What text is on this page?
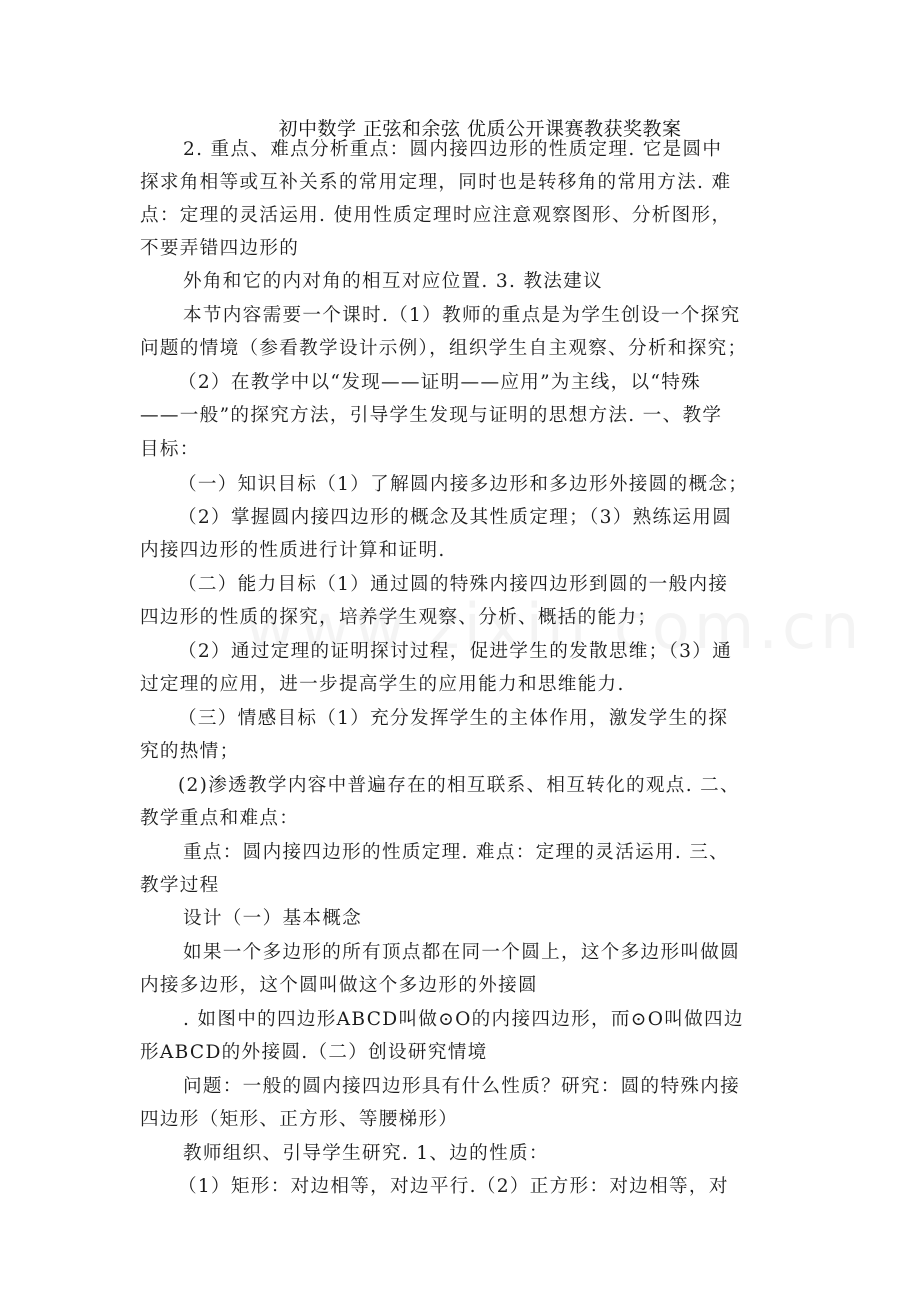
初中数学 正弦和余弦 优质公开课赛教获奖教案
2. 重点、难点分析重点：圆内接四边形的性质定理. 它是圆中
探求角相等或互补关系的常用定理，同时也是转移角的常用方法. 难
点：定理的灵活运用. 使用性质定理时应注意观察图形、分析图形，
不要弄错四边形的
外角和它的内对角的相互对应位置. 3. 教法建议
本节内容需要一个课时.（1）教师的重点是为学生创设一个探究
问题的情境（参看教学设计示例），组织学生自主观察、分析和探究；
（2）在教学中以“发现——证明——应用”为主线，以“特殊
——一般”的探究方法，引导学生发现与证明的思想方法. 一、教学
目标：
（一）知识目标（1）了解圆内接多边形和多边形外接圆的概念；
（2）掌握圆内接四边形的概念及其性质定理；（3）熟练运用圆
内接四边形的性质进行计算和证明.
（二）能力目标（1）通过圆的特殊内接四边形到圆的一般内接
四边形的性质的探究，培养学生观察、分析、概括的能力；
（2）通过定理的证明探讨过程，促进学生的发散思维；（3）通
过定理的应用，进一步提高学生的应用能力和思维能力.
（三）情感目标（1）充分发挥学生的主体作用，激发学生的探
究的热情；
(2)渗透教学内容中普遍存在的相互联系、相互转化的观点. 二、
教学重点和难点：
重点：圆内接四边形的性质定理. 难点：定理的灵活运用. 三、
教学过程
设计（一）基本概念
如果一个多边形的所有顶点都在同一个圆上，这个多边形叫做圆
内接多边形，这个圆叫做这个多边形的外接圆
. 如图中的四边形ABCD叫做⊙O的内接四边形，而⊙O叫做四边
形ABCD的外接圆.（二）创设研究情境
问题：一般的圆内接四边形具有什么性质？研究：圆的特殊内接
四边形（矩形、正方形、等腰梯形）
教师组织、引导学生研究. 1、边的性质：
（1）矩形：对边相等，对边平行.（2）正方形：对边相等，对
